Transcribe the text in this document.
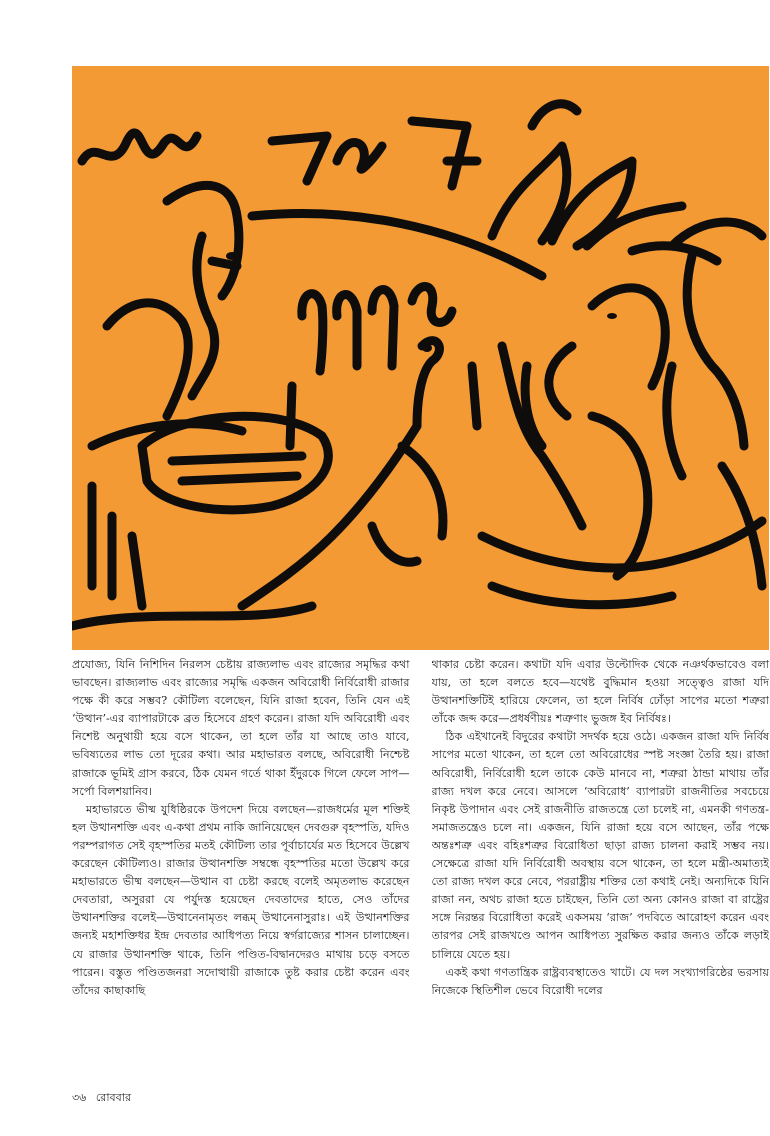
প্রযোজ্য, যিনি নিশিদিন নিরলস চেষ্টায় রাজ্যলাভ এবং রাজ্যের সমৃদ্ধির কথা ভাবছেন। রাজ্যলাভ এবং রাজ্যের সমৃদ্ধি একজন অবিরোধী নির্বিরোধী রাজার পক্ষে কী করে সম্ভব? কৌটিল্য বলেছেন, যিনি রাজা হবেন, তিনি যেন এই ‘উত্থান’-এর ব্যাপারটাকে ব্রত হিসেবে গ্রহণ করেন। রাজা যদি অবিরোধী এবং নিশেষ্ট অনুথায়ী হয়ে বসে থাকেন, তা হলে তাঁর যা আছে তাও যাবে, ভবিষ্যতের লাভ তো দূরের কথা। আর মহাভারত বলছে, অবিরোধী নিশ্চেষ্ট রাজাকে ভূমিই গ্রাস করবে, ঠিক যেমন গর্তে থাকা ইঁদুরকে গিলে ফেলে সাপ—সর্পো বিলশয়ানিব।

মহাভারতে ভীষ্ম যুধিষ্ঠিরকে উপদেশ দিয়ে বলছেন—রাজধর্মের মূল শক্তিই হল উত্থানশক্তি এবং এ-কথা প্রথম নাকি জানিয়েছেন দেবগুরু বৃহস্পতি, যদিও পরম্পরাগত সেই বৃহস্পতির মতই কৌটিল্য তার পূর্বাচার্যের মত হিসেবে উল্লেখ করেছেন কৌটিল্যও। রাজার উত্থানশক্তি সম্বন্ধে বৃহস্পতির মতো উল্লেখ করে মহাভারতে ভীষ্ম বলছেন—উত্থান বা চেষ্টা করছে বলেই অমৃতলাভ করেছেন দেবতারা, অসুররা যে পর্যুদস্ত হয়েছেন দেবতাদের হাতে, সেও তাঁদের উত্থানশক্তির বলেই—উত্থানেনামৃতং লব্ধম্ উত্থানেনাসুরাঃ। এই উত্থানশক্তির জন্যই মহাশক্তিধর ইন্দ্র দেবতার আধিপত্য নিয়ে স্বর্গরাজ্যের শাসন চালাচ্ছেন। যে রাজার উত্থানশক্তি থাকে, তিনি পণ্ডিত-বিদ্বানদেরও মাথায় চড়ে বসতে পারেন। বস্তুত পণ্ডিতজনরা সদোত্থায়ী রাজাকে তুষ্ট করার চেষ্টা করেন এবং তাঁদের কাছাকাছি

থাকার চেষ্টা করেন। কথাটা যদি এবার উল্টোদিক থেকে নঞর্থকভাবেও বলা যায়, তা হলে বলতে হবে—যথেষ্ট বুদ্ধিমান হওয়া সত্ত্বেও রাজা যদি উত্থানশক্তিটিই হারিয়ে ফেলেন, তা হলে নির্বিষ ঢোঁড়া সাপের মতো শত্রুরা তাঁকে জব্দ করে—প্রধর্ষণীয়ঃ শত্রুণাং ভুজঙ্গ ইব নির্বিষঃ।

ঠিক এইখানেই বিদুরের কথাটা সদর্থক হয়ে ওঠে। একজন রাজা যদি নির্বিষ সাপের মতো থাকেন, তা হলে তো অবিরোধের স্পষ্ট সংজ্ঞা তৈরি হয়। রাজা অবিরোধী, নির্বিরোধী হলে তাকে কেউ মানবে না, শত্রুরা ঠান্ডা মাথায় তাঁর রাজ্য দখল করে নেবে। আসলে ‘অবিরোধ’ ব্যাপারটা রাজনীতির সবচেয়ে নিকৃষ্ট উপাদান এবং সেই রাজনীতি রাজতন্ত্রে তো চলেই না, এমনকী গণতন্ত্র-সমাজতন্ত্রেও চলে না। একজন, যিনি রাজা হয়ে বসে আছেন, তাঁর পক্ষে অন্তঃশত্রু এবং বহিঃশত্রুর বিরোধিতা ছাড়া রাজ্য চালনা করাই সম্ভব নয়। সেক্ষেত্রে রাজা যদি নির্বিরোধী অবস্থায় বসে থাকেন, তা হলে মন্ত্রী-অমাত্যই তো রাজ্য দখল করে নেবে, পররাষ্ট্রীয় শক্তির তো কথাই নেই। অন্যদিকে যিনি রাজা নন, অথচ রাজা হতে চাইছেন, তিনি তো অন্য কোনও রাজা বা রাষ্ট্রের সঙ্গে নিরন্তর বিরোধিতা করেই একসময় ‘রাজ’ পদবিতে আরোহণ করেন এবং তারপর সেই রাজখণ্ডে আপন আধিপত্য সুরক্ষিত করার জন্যও তাঁকে লড়াই চালিয়ে যেতে হয়।

একই কথা গণতান্ত্রিক রাষ্ট্রব্যবস্থাতেও খাটে। যে দল সংখ্যাগরিষ্ঠের ভরসায় নিজেকে স্থিতিশীল ভেবে বিরোধী দলের

৩৬ রোববার
